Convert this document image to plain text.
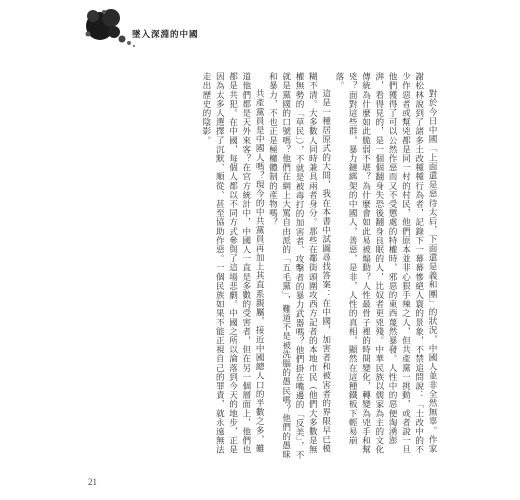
墜入深淵的中國

對於今日中國「上面還是惡待太后，下面還是義和團」的狀況，中國人並非全然無辜。作家謝松林說到了諸多土改種種行為者，記錄下一幕幕慘絕人寰的景象，不禁追問說：「土改中的不少作惡者或幫兇都是同一村的村民，他們原本並非心狠手辣之人，但共產黨一挑動，或者說一旦他們獲得了可以公然作惡而又不受懲處的特權時，邪惡的東西蔑然暴發。人性中的惡便淘湧澎湃，看得見的，是一個個翻身失恐後翻身良眠的人，比奴者更兇殘。中華民族以儒家為主的文化傳統為什麼如此脆弱不堪？為什麼會如此易被煽動？人性最骨子裡的時間變化，轉變為兇手和幫兇？面對這些群，暴力鏈綁架的中國人，善惡，是非，人性的真相，顯然在這種鐵板下輕易崩落。

這是一種居原式的大問，我在本書中試圖尋找答案：在中國，加害者和被害者的界限早已模糊不清。大多數人同時兼具兩者身分。那些在鄰街頭圍攻西方記者的本地市民（他們大多數是無權無勢的「草民」），不就是被毒打的加害者、攻擊者的暴力武器嗎？他們掛在嘴邊的「反美」，不就是黨國的口號嗎？他們在網上大罵自由派的「五毛黨」，難道不是被洗腦的愚民嗎？他們的愚昧和暴力，不也正是極權體制的產物嗎？

共產黨員是中國人嗎？現今的中共黨員再加上其直系親屬，接近中國總人口的半數之多，難道他們都是天外來客？在官方統計中，中國人一直是多數的受害者，但在另一個層面上，他們也都是共犯。在中國，每個人都以不同方式參與了這場悲劇。中國之所以淪落到今天的地步，正是因為太多人選擇了沉默、順從、甚至協助作惡。一個民族如果不能正視自己的罪責，就永遠無法走出歷史的陰影。

21
